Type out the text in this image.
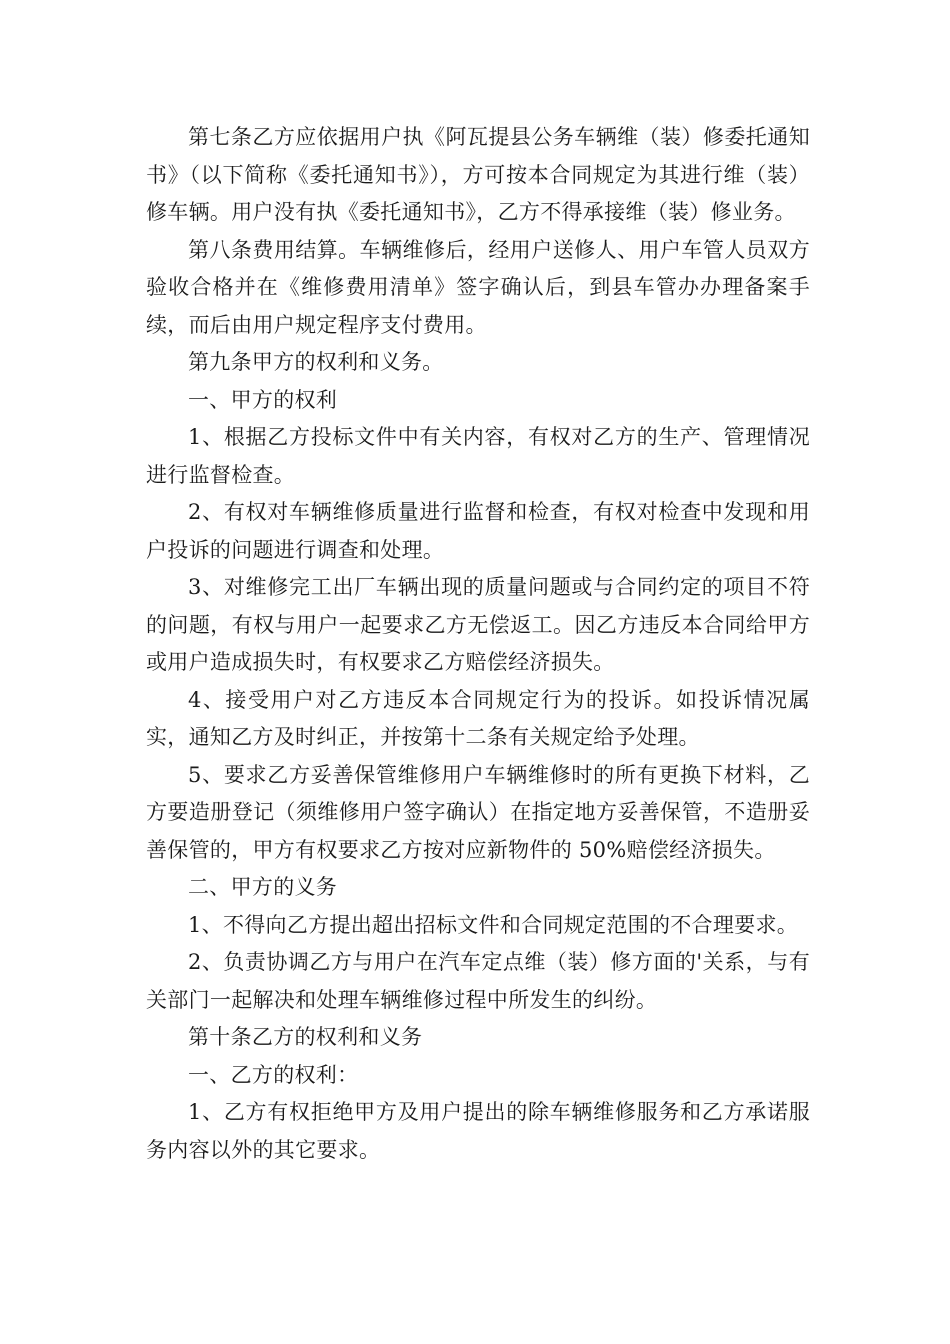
第七条乙方应依据用户执《阿瓦提县公务车辆维（装）修委托通知书》（以下简称《委托通知书》），方可按本合同规定为其进行维（装）修车辆。用户没有执《委托通知书》，乙方不得承接维（装）修业务。

第八条费用结算。车辆维修后，经用户送修人、用户车管人员双方验收合格并在《维修费用清单》签字确认后，到县车管办办理备案手续，而后由用户规定程序支付费用。

第九条甲方的权利和义务。

一、甲方的权利

1、根据乙方投标文件中有关内容，有权对乙方的生产、管理情况进行监督检查。

2、有权对车辆维修质量进行监督和检查，有权对检查中发现和用户投诉的问题进行调查和处理。

3、对维修完工出厂车辆出现的质量问题或与合同约定的项目不符的问题，有权与用户一起要求乙方无偿返工。因乙方违反本合同给甲方或用户造成损失时，有权要求乙方赔偿经济损失。

4、接受用户对乙方违反本合同规定行为的投诉。如投诉情况属实，通知乙方及时纠正，并按第十二条有关规定给予处理。

5、要求乙方妥善保管维修用户车辆维修时的所有更换下材料，乙方要造册登记（须维修用户签字确认）在指定地方妥善保管，不造册妥善保管的，甲方有权要求乙方按对应新物件的 50%赔偿经济损失。

二、甲方的义务

1、不得向乙方提出超出招标文件和合同规定范围的不合理要求。

2、负责协调乙方与用户在汽车定点维（装）修方面的'关系，与有关部门一起解决和处理车辆维修过程中所发生的纠纷。

第十条乙方的权利和义务

一、乙方的权利：

1、乙方有权拒绝甲方及用户提出的除车辆维修服务和乙方承诺服务内容以外的其它要求。
